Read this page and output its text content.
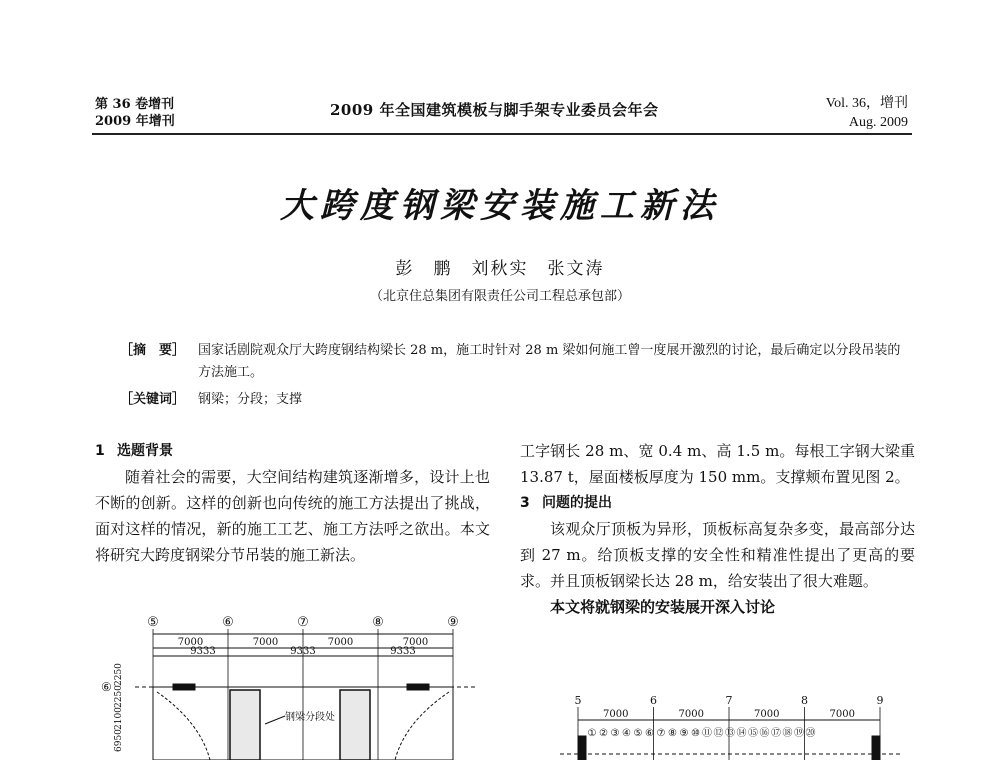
第 36 卷增刊
2009 年增刊
2009 年全国建筑模板与脚手架专业委员会年会	Vol. 36，增刊
Aug. 2009
大跨度钢梁安装施工新法
彭　鹏　刘秋实　张文涛
（北京住总集团有限责任公司工程总承包部）
［摘　要］ 国家话剧院观众厅大跨度钢结构梁长 28 m，施工时针对 28 m 梁如何施工曾一度展开激烈的讨论，最后确定以分段吊装的方法施工。
［关键词］ 钢梁；分段；支撑
1 选题背景

随着社会的需要，大空间结构建筑逐渐增多，设计上也不断的创新。这样的创新也向传统的施工方法提出了挑战，面对这样的情况，新的施工工艺、施工方法呼之欲出。本文将研究大跨度钢梁分节吊装的施工新法。

工字钢长 28 m、宽 0.4 m、高 1.5 m。每根工字钢大梁重 13.87 t，屋面楼板厚度为 150 mm。支撑颊布置见图 2。

3 问题的提出

该观众厅顶板为异形，顶板标高复杂多变，最高部分达到 27 m。给顶板支撑的安全性和精准性提出了更高的要求。并且顶板钢梁长达 28 m，给安装出了很大难题。

本文将就钢梁的安装展开深入讨论

⑤	⑥	⑦	⑧	⑨
7000	7000	7000	7000
9333	9333	9333
钢梁分段处
⑥
6950
2100
2250
2250
5	6	7	8	9
7000	7000	7000	7000
① ② ③ ④ ⑤ ⑥ ⑦ ⑧ ⑨ ⑩ ⑪ ⑫ ⑬ ⑭ ⑮ ⑯ ⑰ ⑱ ⑲ ⑳
